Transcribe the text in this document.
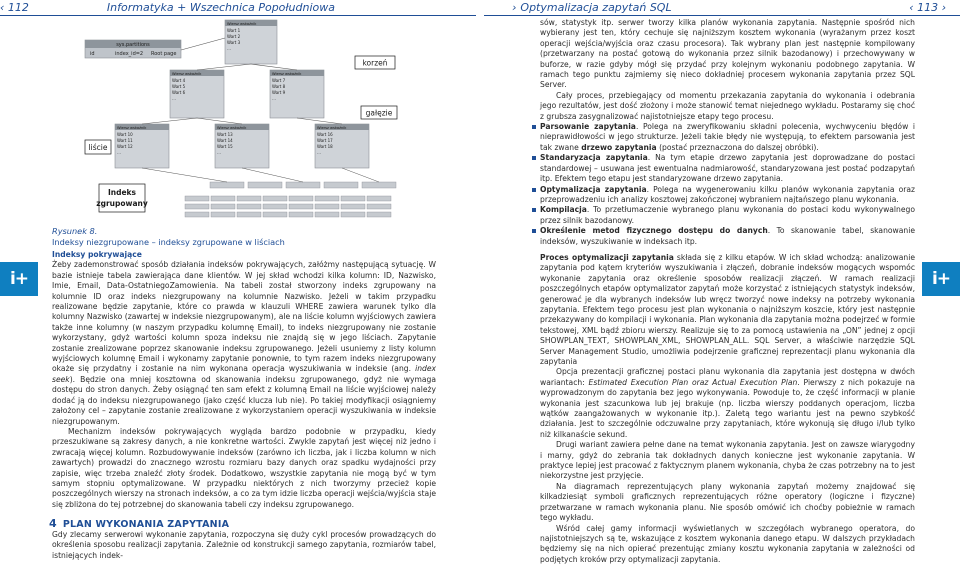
‹ 112	Informatyka + Wszechnica Popołudniowa	› Optymalizacja zapytań SQL	‹ 113 ›
i+	i+
sys.partitions
id	index_id=2 Root page
Wiersz wskaźnik
Wart 1
Wart 2
Wart 3
…
korzeń
Wiersz wskaźnik
Wart 4
Wart 5
Wart 6
…
Wiersz wskaźnik
Wart 7
Wart 8
Wart 9
…
gałęzie
Wiersz wskaźnik
Wart 10
Wart 11
Wart 12
…
Wiersz wskaźnik
Wart 13
Wart 14
Wart 15
…
Wiersz wskaźnik
Wart 16
Wart 17
Wart 18
…
liście
Indeks
zgrupowany
Rysunek 8.
Indeksy niezgrupowane – indeksy zgrupowane w liściach

Indeksy pokrywające

Żeby zademonstrować sposób działania indeksów pokrywających, załóżmy następującą sytuację. W bazie istnieje tabela zawierająca dane klientów. W jej skład wchodzi kilka kolumn: ID, Nazwisko, Imie, Email, Data-OstatniegoZamowienia. Na tabeli został stworzony indeks zgrupowany na kolumnie ID oraz indeks niezgrupowany na kolumnie Nazwisko. Jeżeli w takim przypadku realizowane będzie zapytanie, które co prawda w klauzuli WHERE zawiera warunek tylko dla kolumny Nazwisko (zawartej w indeksie niezgrupowanym), ale na liście kolumn wyjściowych zawiera także inne kolumny (w naszym przypadku kolumnę Email), to indeks niezgrupowany nie zostanie wykorzystany, gdyż wartości kolumn spoza indeksu nie znajdą się w jego liściach. Zapytanie zostanie zrealizowane poprzez skanowanie indeksu zgrupowanego. Jeżeli usuniemy z listy kolumn wyjściowych kolumnę Email i wykonamy zapytanie ponownie, to tym razem indeks niezgrupowany okaże się przydatny i zostanie na nim wykonana operacja wyszukiwania w indeksie (ang. index seek). Będzie ona mniej kosztowna od skanowania indeksu zgrupowanego, gdyż nie wymaga dostępu do stron danych. Żeby osiągnąć ten sam efekt z kolumną Email na liście wyjściowej należy dodać ją do indeksu niezgrupowanego (jako część klucza lub nie). Po takiej modyfikacji osiągniemy założony cel – zapytanie zostanie zrealizowane z wykorzystaniem operacji wyszukiwania w indeksie niezgrupowanym.

Mechanizm indeksów pokrywających wygląda bardzo podobnie w przypadku, kiedy przeszukiwane są zakresy danych, a nie konkretne wartości. Zwykle zapytań jest więcej niż jedno i zwracają więcej kolumn. Rozbudowywanie indeksów (zarówno ich liczba, jak i liczba kolumn w nich zawartych) prowadzi do znacznego wzrostu rozmiaru bazy danych oraz spadku wydajności przy zapisie, więc trzeba znaleźć złoty środek. Dodatkowo, wszystkie zapytania nie mogą być w tym samym stopniu optymalizowane. W przypadku niektórych z nich tworzymy przecież kopie poszczególnych wierszy na stronach indeksów, a co za tym idzie liczba operacji wejścia/wyjścia staje się zbliżona do tej potrzebnej do skanowania tabeli czy indeksu zgrupowanego.

4 PLAN WYKONANIA ZAPYTANIA
Gdy zlecamy serwerowi wykonanie zapytania, rozpoczyna się duży cykl procesów prowadzących do określenia sposobu realizacji zapytania. Zależnie od konstrukcji samego zapytania, rozmiarów tabel, istniejących indek-

sów, statystyk itp. serwer tworzy kilka planów wykonania zapytania. Następnie spośród nich wybierany jest ten, który cechuje się najniższym kosztem wykonania (wyrażanym przez koszt operacji wejścia/wyjścia oraz czasu procesora). Tak wybrany plan jest następnie kompilowany (przetwarzany na postać gotową do wykonania przez silnik bazodanowy) i przechowywany w buforze, w razie gdyby mógł się przydać przy kolejnym wykonaniu podobnego zapytania. W ramach tego punktu zajmiemy się nieco dokładniej procesem wykonania zapytania przez SQL Server.

Cały proces, przebiegający od momentu przekazania zapytania do wykonania i odebrania jego rezultatów, jest dość złożony i może stanowić temat niejednego wykładu. Postaramy się choć z grubsza zasygnalizować najistotniejsze etapy tego procesu.

Parsowanie zapytania. Polega na zweryfikowaniu składni polecenia, wychwyceniu błędów i nieprawidłowości w jego strukturze. Jeżeli takie błędy nie występują, to efektem parsowania jest tak zwane drzewo zapytania (postać przeznaczona do dalszej obróbki).
Standaryzacja zapytania. Na tym etapie drzewo zapytania jest doprowadzane do postaci standardowej – usuwana jest ewentualna nadmiarowość, standaryzowana jest postać podzapytań itp. Efektem tego etapu jest standaryzowane drzewo zapytania.
Optymalizacja zapytania. Polega na wygenerowaniu kilku planów wykonania zapytania oraz przeprowadzeniu ich analizy kosztowej zakończonej wybraniem najtańszego planu wykonania.
Kompilacja. To przetłumaczenie wybranego planu wykonania do postaci kodu wykonywalnego przez silnik bazodanowy.
Określenie metod fizycznego dostępu do danych. To skanowanie tabel, skanowanie indeksów, wyszukiwanie w indeksach itp.

Proces optymalizacji zapytania składa się z kilku etapów. W ich skład wchodzą: analizowanie zapytania pod kątem kryteriów wyszukiwania i złączeń, dobranie indeksów mogących wspomóc wykonanie zapytania oraz określenie sposobów realizacji złączeń. W ramach realizacji poszczególnych etapów optymalizator zapytań może korzystać z istniejących statystyk indeksów, generować je dla wybranych indeksów lub wręcz tworzyć nowe indeksy na potrzeby wykonania zapytania. Efektem tego procesu jest plan wykonania o najniższym koszcie, który jest następnie przekazywany do kompilacji i wykonania. Plan wykonania dla zapytania można podejrzeć w formie tekstowej, XML bądź zbioru wierszy. Realizuje się to za pomocą ustawienia na „ON” jednej z opcji SHOWPLAN_TEXT, SHOWPLAN_XML, SHOWPLAN_ALL. SQL Server, a właściwie narzędzie SQL Server Management Studio, umożliwia podejrzenie graficznej reprezentacji planu wykonania dla zapytania

Opcja prezentacji graficznej postaci planu wykonania dla zapytania jest dostępna w dwóch wariantach: Estimated Execution Plan oraz Actual Execution Plan. Pierwszy z nich pokazuje na wyprowadzonym do zapytania bez jego wykonywania. Powoduje to, że część informacji w planie wykonania jest szacunkowa lub jej brakuje (np. liczba wierszy poddanych operacjom, liczba wątków zaangażowanych w wykonanie itp.). Zaletą tego wariantu jest na pewno szybkość działania. Jest to szczególnie odczuwalne przy zapytaniach, które wykonują się długo i/lub tylko niż kilkanaście sekund.

Drugi wariant zawiera pełne dane na temat wykonania zapytania. Jest on zawsze wiarygodny i marny, gdyż do zebrania tak dokładnych danych konieczne jest wykonanie zapytania. W praktyce lepiej jest pracować z faktycznym planem wykonania, chyba że czas potrzebny na to jest niekorzystne jest przyjęcie.

Na diagramach reprezentujących plany wykonania zapytań możemy znajdować się kilkadziesiąt symboli graficznych reprezentujących różne operatory (logiczne i fizyczne) przetwarzane w ramach wykonania planu. Nie sposób omówić ich choćby pobieżnie w ramach tego wykładu.

Wśród całej gamy informacji wyświetlanych w szczegółach wybranego operatora, do najistotniejszych są te, wskazujące z kosztem wykonania danego etapu. W dalszych przykładach będziemy się na nich opierać prezentując zmiany kosztu wykonania zapytania w zależności od podjętych kroków przy optymalizacji zapytania.
